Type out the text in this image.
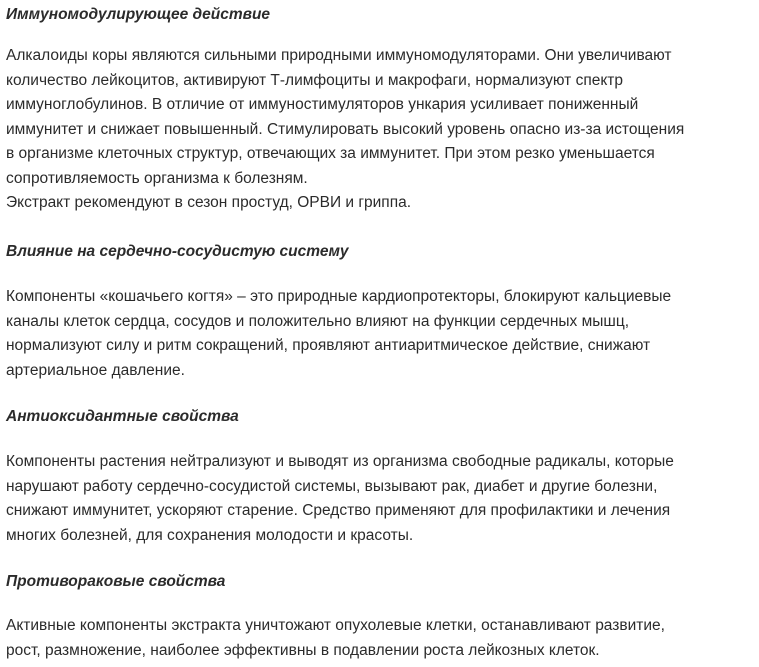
Иммуномодулирующее действие

Алкалоиды коры являются сильными природными иммуномодуляторами. Они увеличивают
количество лейкоцитов, активируют Т-лимфоциты и макрофаги, нормализуют спектр
иммуноглобулинов. В отличие от иммуностимуляторов ункария усиливает пониженный
иммунитет и снижает повышенный. Стимулировать высокий уровень опасно из-за истощения
в организме клеточных структур, отвечающих за иммунитет. При этом резко уменьшается
сопротивляемость организма к болезням.
Экстракт рекомендуют в сезон простуд, ОРВИ и гриппа.

Влияние на сердечно-сосудистую систему

Компоненты «кошачьего когтя» – это природные кардиопротекторы, блокируют кальциевые
каналы клеток сердца, сосудов и положительно влияют на функции сердечных мышц,
нормализуют силу и ритм сокращений, проявляют антиаритмическое действие, снижают
артериальное давление.

Антиоксидантные свойства

Компоненты растения нейтрализуют и выводят из организма свободные радикалы, которые
нарушают работу сердечно-сосудистой системы, вызывают рак, диабет и другие болезни,
снижают иммунитет, ускоряют старение. Средство применяют для профилактики и лечения
многих болезней, для сохранения молодости и красоты.

Противораковые свойства

Активные компоненты экстракта уничтожают опухолевые клетки, останавливают развитие,
рост, размножение, наиболее эффективны в подавлении роста лейкозных клеток.
